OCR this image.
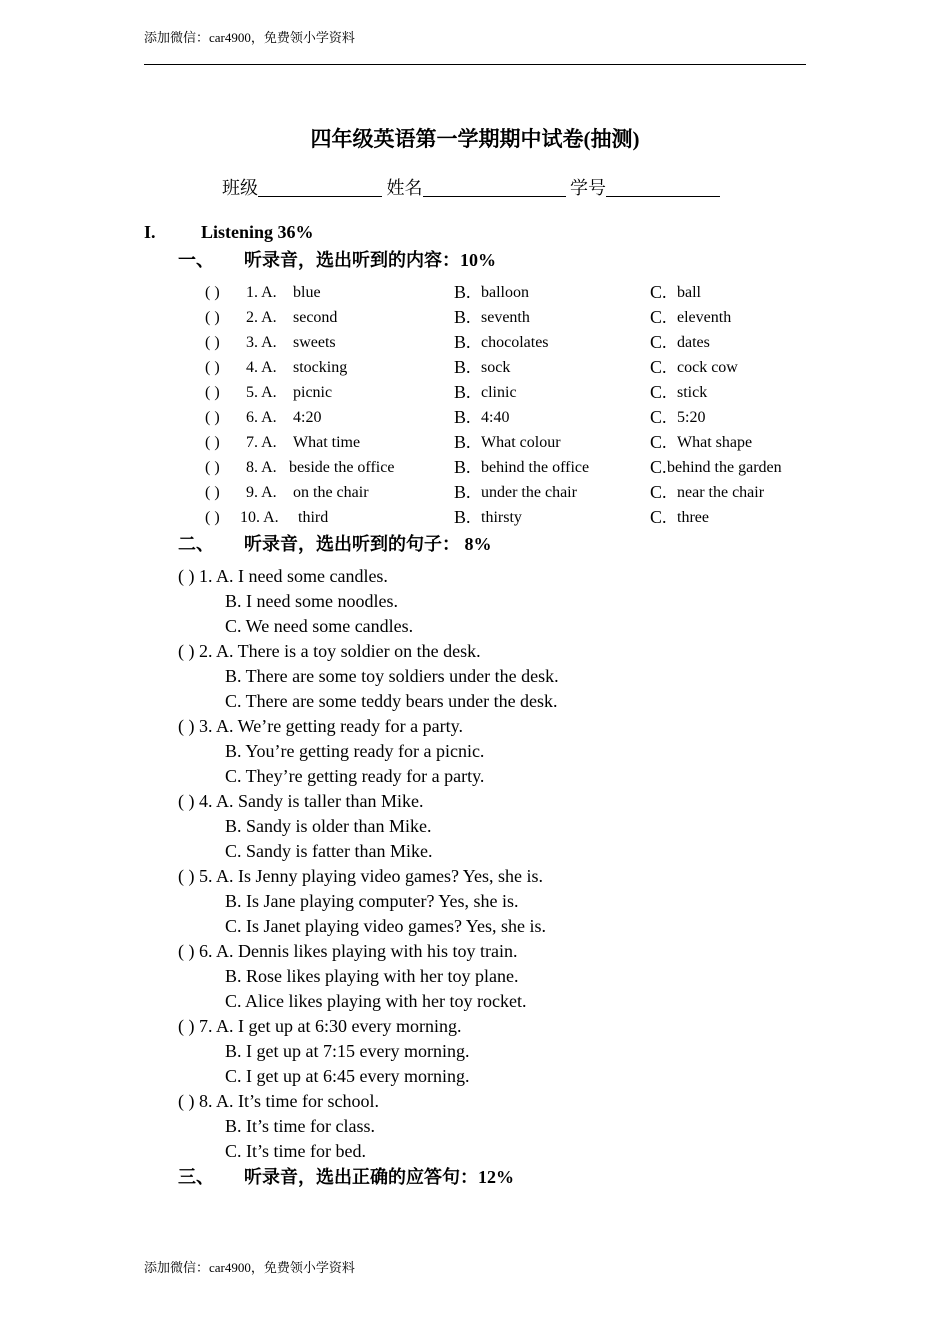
添加微信：car4900，免费领小学资料
四年级英语第一学期期中试卷(抽测)
班级	姓名	学号
I.	Listening 36%
一、 听录音，选出听到的内容：10%
( ) 1. A. blue	B. balloon	C. ball
( ) 2. A. second	B. seventh	C. eleventh
( ) 3. A. sweets	B. chocolates	C. dates
( ) 4. A. stocking	B. sock	C. cock cow
( ) 5. A. picnic	B. clinic	C. stick
( ) 6. A. 4:20	B. 4:40	C. 5:20
( ) 7. A. What time	B. What colour	C. What shape
( ) 8. A. beside the office	B. behind the office	C. behind the garden
( ) 9. A. on the chair	B. under the chair	C. near the chair
( ) 10. A. third	B. thirsty	C. three
二、 听录音，选出听到的句子： 8%
( ) 1. A. I need some candles.
B. I need some noodles.
C. We need some candles.
( ) 2. A. There is a toy soldier on the desk.
B. There are some toy soldiers under the desk.
C. There are some teddy bears under the desk.
( ) 3. A. We’re getting ready for a party.
B. You’re getting ready for a picnic.
C. They’re getting ready for a party.
( ) 4. A. Sandy is taller than Mike.
B. Sandy is older than Mike.
C. Sandy is fatter than Mike.
( ) 5. A. Is Jenny playing video games? Yes, she is.
B. Is Jane playing computer? Yes, she is.
C. Is Janet playing video games? Yes, she is.
( ) 6. A. Dennis likes playing with his toy train.
B. Rose likes playing with her toy plane.
C. Alice likes playing with her toy rocket.
( ) 7. A. I get up at 6:30 every morning.
B. I get up at 7:15 every morning.
C. I get up at 6:45 every morning.
( ) 8. A. It’s time for school.
B. It’s time for class.
C. It’s time for bed.
三、 听录音，选出正确的应答句：12%
添加微信：car4900，免费领小学资料
